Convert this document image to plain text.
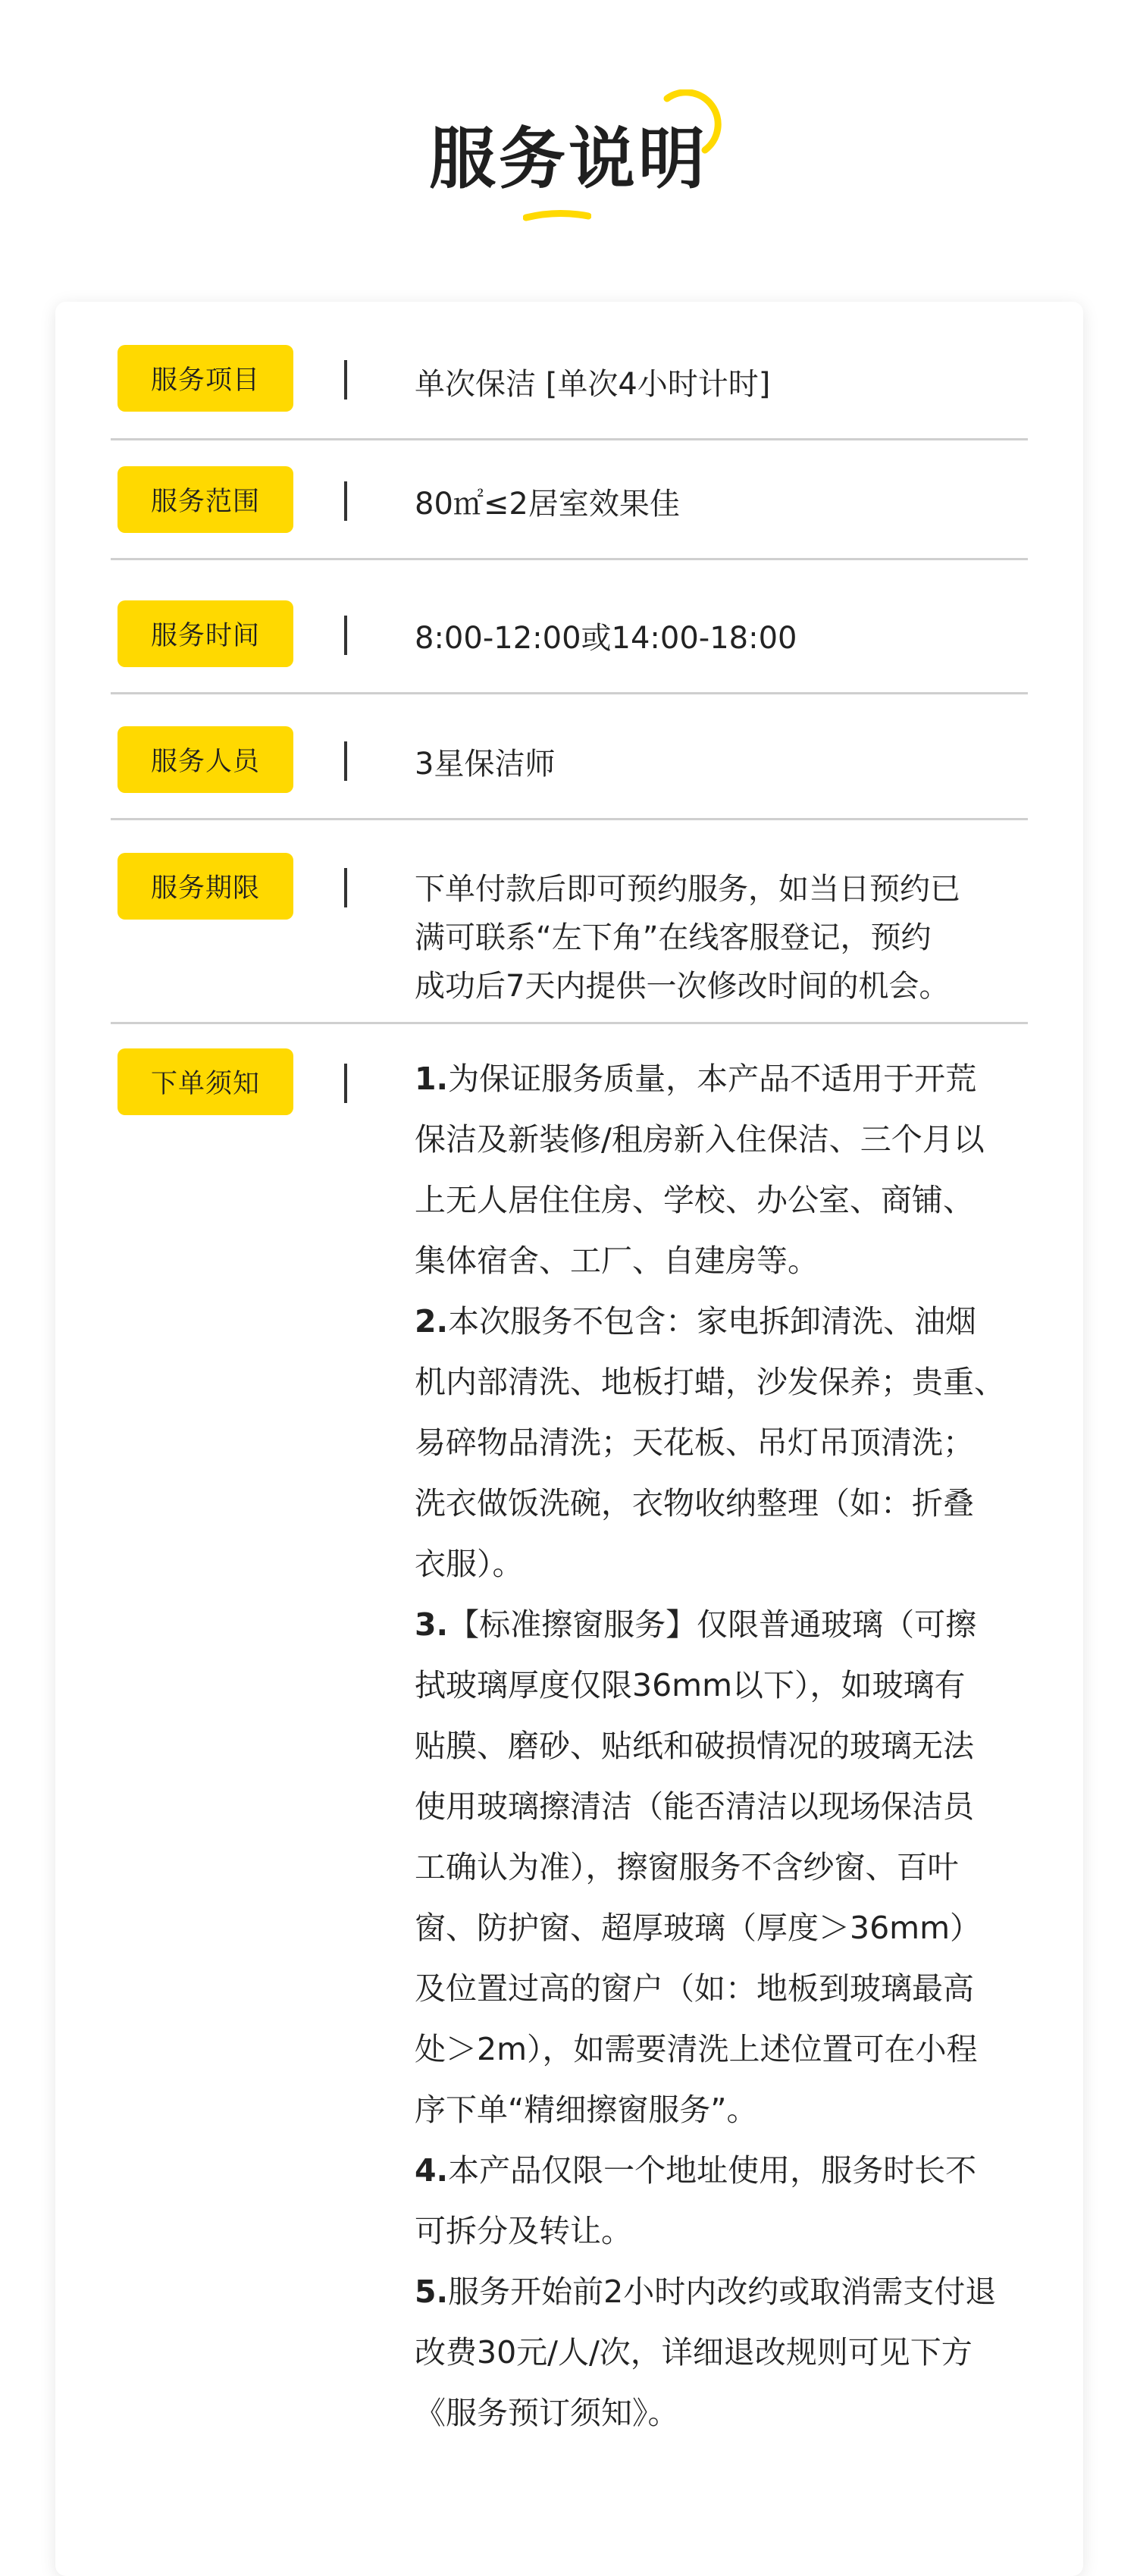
服务说明
服务项目	单次保洁 [单次4小时计时]
服务范围	80㎡≤2居室效果佳
服务时间	8:00-12:00或14:00-18:00
服务人员	3星保洁师
服务期限	下单付款后即可预约服务，如当日预约已
满可联系“左下角”在线客服登记，预约
成功后7天内提供一次修改时间的机会。
下单须知	1.为保证服务质量，本产品不适用于开荒
保洁及新装修/租房新入住保洁、三个月以
上无人居住住房、学校、办公室、商铺、
集体宿舍、工厂、自建房等。
2.本次服务不包含：家电拆卸清洗、油烟
机内部清洗、地板打蜡，沙发保养；贵重、
易碎物品清洗；天花板、吊灯吊顶清洗；
洗衣做饭洗碗，衣物收纳整理（如：折叠
衣服）。
3.【标准擦窗服务】仅限普通玻璃（可擦
拭玻璃厚度仅限36mm以下），如玻璃有
贴膜、磨砂、贴纸和破损情况的玻璃无法
使用玻璃擦清洁（能否清洁以现场保洁员
工确认为准），擦窗服务不含纱窗、百叶
窗、防护窗、超厚玻璃（厚度＞36mm）
及位置过高的窗户（如：地板到玻璃最高
处＞2m），如需要清洗上述位置可在小程
序下单“精细擦窗服务”。
4.本产品仅限一个地址使用，服务时长不
可拆分及转让。
5.服务开始前2小时内改约或取消需支付退
改费30元/人/次，详细退改规则可见下方
《服务预订须知》。
